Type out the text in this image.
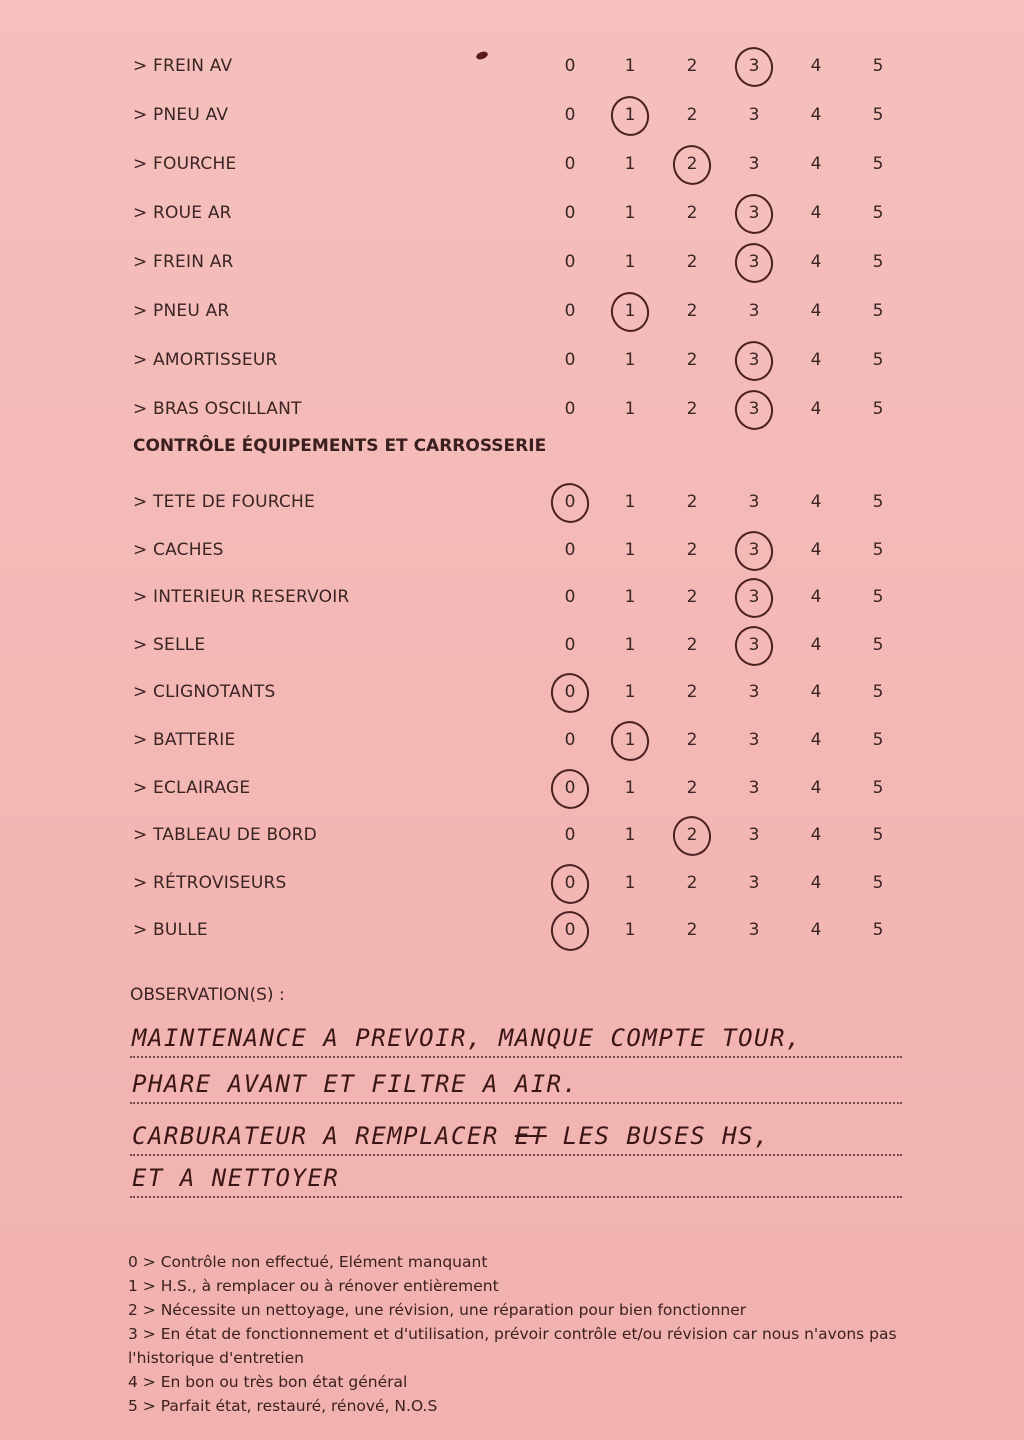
> FREIN AV	0	1	2	3	4	5
> PNEU AV	0	1	2	3	4	5
> FOURCHE	0	1	2	3	4	5
> ROUE AR	0	1	2	3	4	5
> FREIN AR	0	1	2	3	4	5
> PNEU AR	0	1	2	3	4	5
> AMORTISSEUR	0	1	2	3	4	5
> BRAS OSCILLANT	0	1	2	3	4	5
CONTRÔLE ÉQUIPEMENTS ET CARROSSERIE
> TETE DE FOURCHE	0	1	2	3	4	5
> CACHES	0	1	2	3	4	5
> INTERIEUR RESERVOIR	0	1	2	3	4	5
> SELLE	0	1	2	3	4	5
> CLIGNOTANTS	0	1	2	3	4	5
> BATTERIE	0	1	2	3	4	5
> ECLAIRAGE	0	1	2	3	4	5
> TABLEAU DE BORD	0	1	2	3	4	5
> RÉTROVISEURS	0	1	2	3	4	5
> BULLE	0	1	2	3	4	5
OBSERVATION(S) :
MAINTENANCE A PREVOIR, MANQUE COMPTE TOUR,
PHARE AVANT ET FILTRE A AIR.
CARBURATEUR A REMPLACER ET LES BUSES HS,
ET A NETTOYER
0 > Contrôle non effectué, Elément manquant
1 > H.S., à remplacer ou à rénover entièrement
2 > Nécessite un nettoyage, une révision, une réparation pour bien fonctionner
3 > En état de fonctionnement et d'utilisation, prévoir contrôle et/ou révision car nous n'avons pas l'historique d'entretien
4 > En bon ou très bon état général
5 > Parfait état, restauré, rénové, N.O.S
